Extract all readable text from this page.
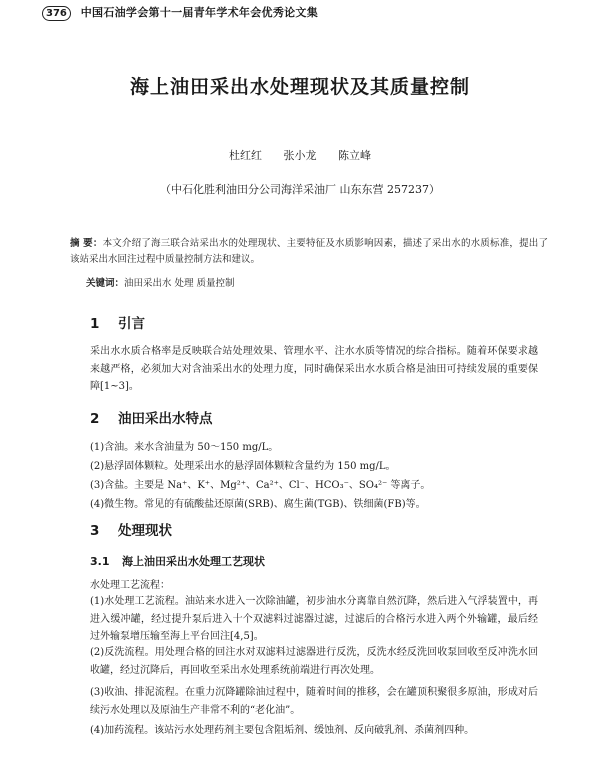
376 中国石油学会第十一届青年学术年会优秀论文集
海上油田采出水处理现状及其质量控制
杜红红 张小龙 陈立峰
（中石化胜利油田分公司海洋采油厂 山东东营 257237）
摘 要：本文介绍了海三联合站采出水的处理现状、主要特征及水质影响因素，描述了采出水的水质标准，提出了该站采出水回注过程中质量控制方法和建议。
关键词：油田采出水 处理 质量控制
1 引言
采出水水质合格率是反映联合站处理效果、管理水平、注水水质等情况的综合指标。随着环保要求越来越严格，必须加大对含油采出水的处理力度，同时确保采出水水质合格是油田可持续发展的重要保障[1~3]。
2 油田采出水特点
(1)含油。来水含油量为 50～150 mg/L。
(2)悬浮固体颗粒。处理采出水的悬浮固体颗粒含量约为 150 mg/L。
(3)含盐。主要是 Na⁺、K⁺、Mg²⁺、Ca²⁺、Cl⁻、HCO₃⁻、SO₄²⁻ 等离子。
(4)微生物。常见的有硫酸盐还原菌(SRB)、腐生菌(TGB)、铁细菌(FB)等。
3 处理现状
3.1 海上油田采出水处理工艺现状
水处理工艺流程：
(1)水处理工艺流程。油站来水进入一次除油罐，初步油水分离靠自然沉降，然后进入气浮装置中，再进入缓冲罐，经过提升泵后进入十个双滤料过滤器过滤，过滤后的合格污水进入两个外输罐，最后经过外输泵增压输至海上平台回注[4,5]。
(2)反洗流程。用处理合格的回注水对双滤料过滤器进行反洗，反洗水经反洗回收泵回收至反冲洗水回收罐，经过沉降后，再回收至采出水处理系统前端进行再次处理。
(3)收油、排泥流程。在重力沉降罐除油过程中，随着时间的推移，会在罐顶积聚很多原油，形成对后续污水处理以及原油生产非常不利的“老化油”。
(4)加药流程。该站污水处理药剂主要包含阻垢剂、缓蚀剂、反向破乳剂、杀菌剂四种。
